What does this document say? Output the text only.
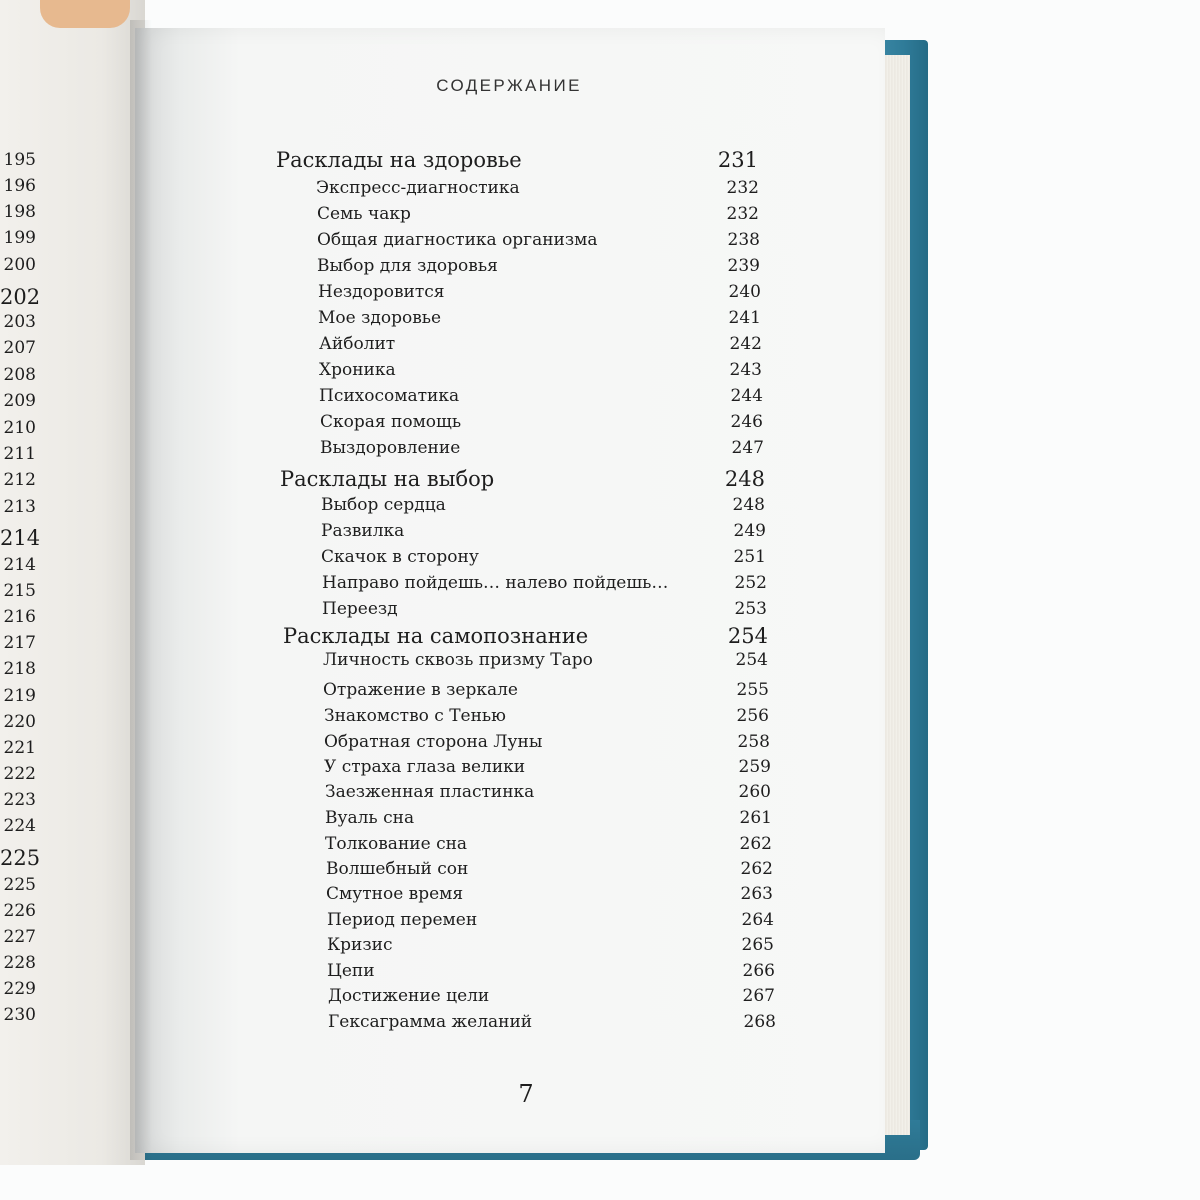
195
196
198
199
200
202
203
207
208
209
210
211
212
213
214
214
215
216
217
218
219
220
221
222
223
224
225
225
226
227
228
229
230
СОДЕРЖАНИЕ
Расклады на здоровье	231
Экспресс-диагностика	232
Семь чакр	232
Общая диагностика организма	238
Выбор для здоровья	239
Нездоровится	240
Мое здоровье	241
Айболит	242
Хроника	243
Психосоматика	244
Скорая помощь	246
Выздоровление	247
Расклады на выбор	248
Выбор сердца	248
Развилка	249
Скачок в сторону	251
Направо пойдешь… налево пойдешь…	252
Переезд	253
Расклады на самопознание	254
Личность сквозь призму Таро	254
Отражение в зеркале	255
Знакомство с Тенью	256
Обратная сторона Луны	258
У страха глаза велики	259
Заезженная пластинка	260
Вуаль сна	261
Толкование сна	262
Волшебный сон	262
Смутное время	263
Период перемен	264
Кризис	265
Цепи	266
Достижение цели	267
Гексаграмма желаний	268
7
